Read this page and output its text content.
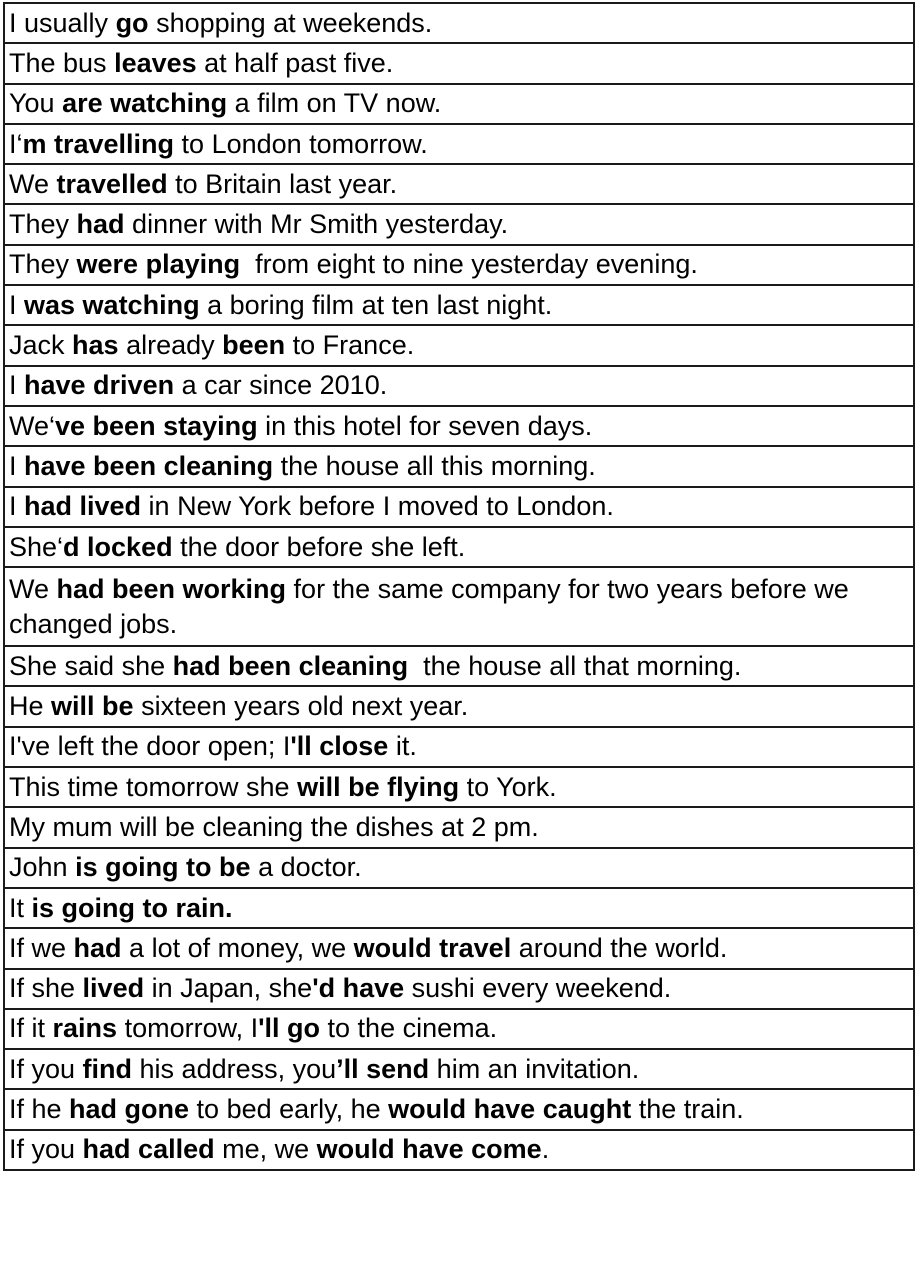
I usually go shopping at weekends.
The bus leaves at half past five.
You are watching a film on TV now.
I‘m travelling to London tomorrow.
We travelled to Britain last year.
They had dinner with Mr Smith yesterday.
They were playing  from eight to nine yesterday evening.
I was watching a boring film at ten last night.
Jack has already been to France.
I have driven a car since 2010.
We‘ve been staying in this hotel for seven days.
I have been cleaning the house all this morning.
I had lived in New York before I moved to London.
She‘d locked the door before she left.
We had been working for the same company for two years before we changed jobs.
She said she had been cleaning  the house all that morning.
He will be sixteen years old next year.
I've left the door open; I'll close it.
This time tomorrow she will be flying to York.
My mum will be cleaning the dishes at 2 pm.
John is going to be a doctor.
It is going to rain.
If we had a lot of money, we would travel around the world.
If she lived in Japan, she'd have sushi every weekend.
If it rains tomorrow, I'll go to the cinema.
If you find his address, you’ll send him an invitation.
If he had gone to bed early, he would have caught the train.
If you had called me, we would have come.
